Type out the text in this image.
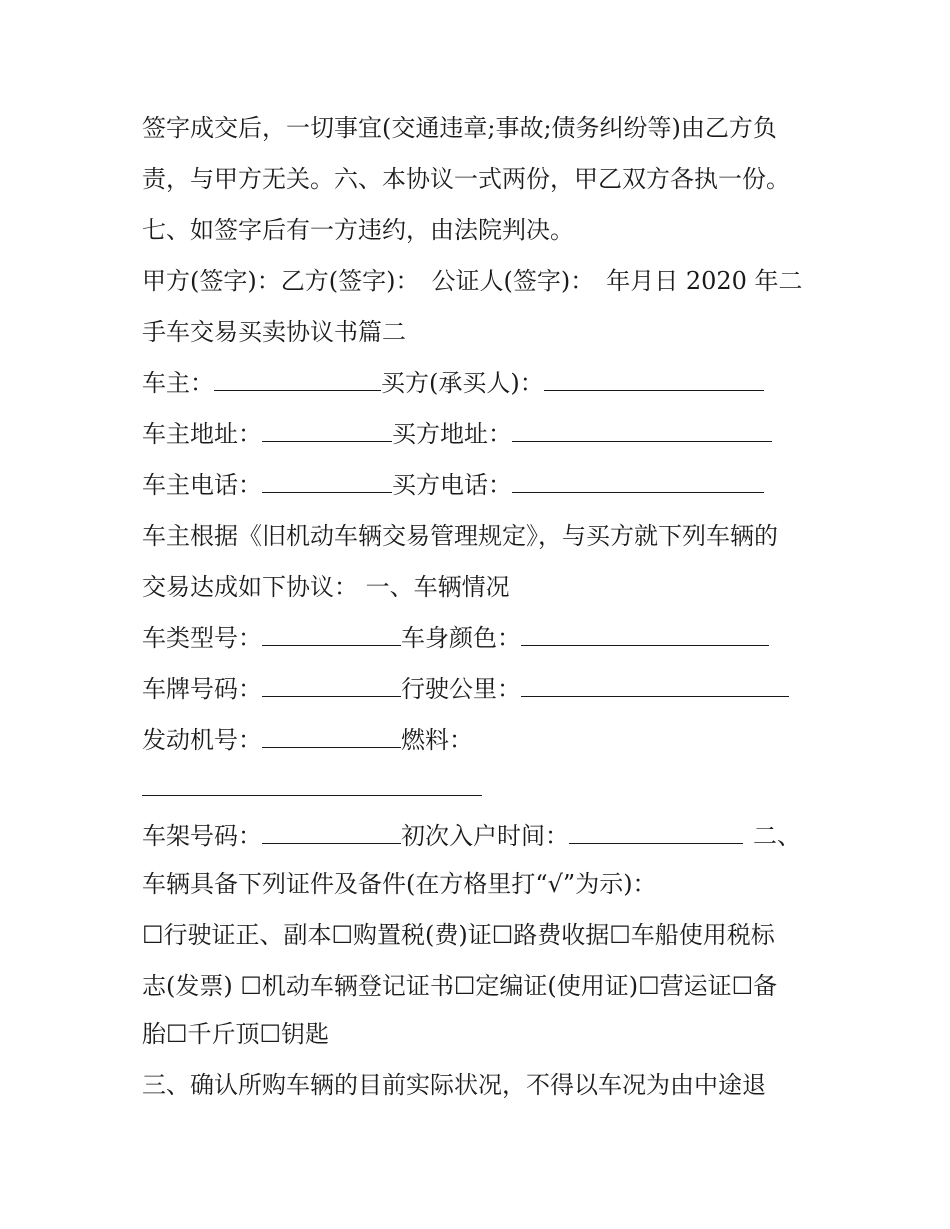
签字成交后，一切事宜(交通违章;事故;债务纠纷等)由乙方负
责，与甲方无关。六、本协议一式两份，甲乙双方各执一份。
七、如签字后有一方违约，由法院判决。
甲方(签字)：乙方(签字)： 公证人(签字)： 年月日 2020 年二
手车交易买卖协议书篇二
车主：	买方(承买人)：
车主地址：	买方地址：
车主电话：	买方电话：
车主根据《旧机动车辆交易管理规定》，与买方就下列车辆的
交易达成如下协议： 一、车辆情况
车类型号：	车身颜色：
车牌号码：	行驶公里：
发动机号：	燃料：
车架号码：	初次入户时间：	二、
车辆具备下列证件及备件(在方格里打“√”为示)：
☐行驶证正、副本☐购置税(费)证☐路费收据☐车船使用税标
志(发票) ☐机动车辆登记证书☐定编证(使用证)☐营运证☐备
胎☐千斤顶☐钥匙
三、确认所购车辆的目前实际状况，不得以车况为由中途退
